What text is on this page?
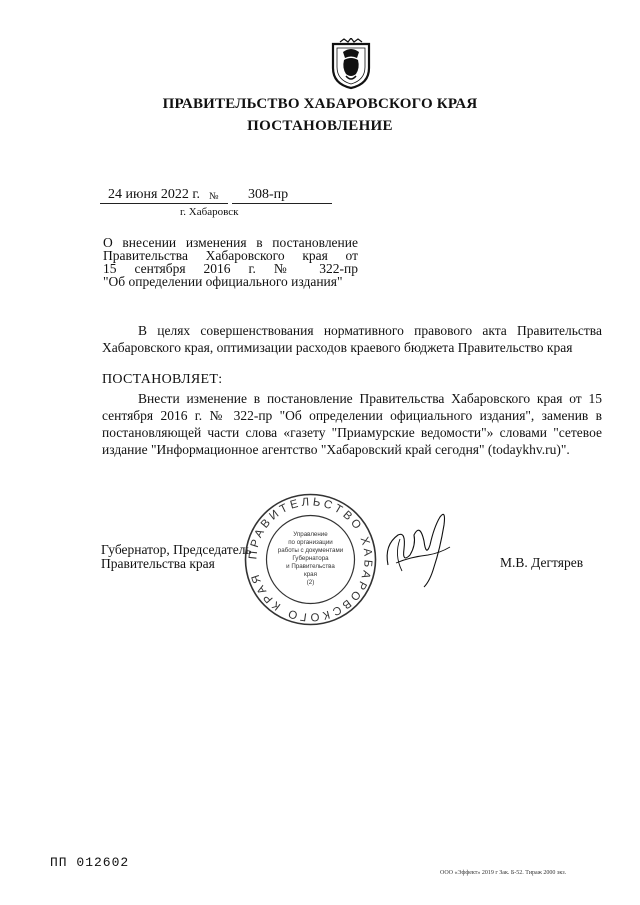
ПРАВИТЕЛЬСТВО ХАБАРОВСКОГО КРАЯ
ПОСТАНОВЛЕНИЕ
24 июня 2022 г. № 308-пр
г. Хабаровск
О внесении изменения в постановление
Правительства Хабаровского края от
15 сентября 2016 г. № 322-пр
"Об определении официального издания"
В целях совершенствования нормативного правового акта Правительства Хабаровского края, оптимизации расходов краевого бюджета Правительство края
ПОСТАНОВЛЯЕТ:
Внести изменение в постановление Правительства Хабаровского края от 15 сентября 2016 г. № 322-пр "Об определении официального издания", заменив в постановляющей части слова «газету "Приамурские ведомости"» словами "сетевое издание "Информационное агентство "Хабаровский край сегодня" (todaykhv.ru)".
Губернатор, Председатель
Правительства края	М.В. Дегтярев
ПРАВИТЕЛЬСТВО ХАБАРОВСКОГО КРАЯ
Управление
по организации
работы с документами
Губернатора
и Правительства
края
(2)
ПП 012602
ООО «Эффект» 2019 г Зак. Б-52. Тираж 2000 экз.
